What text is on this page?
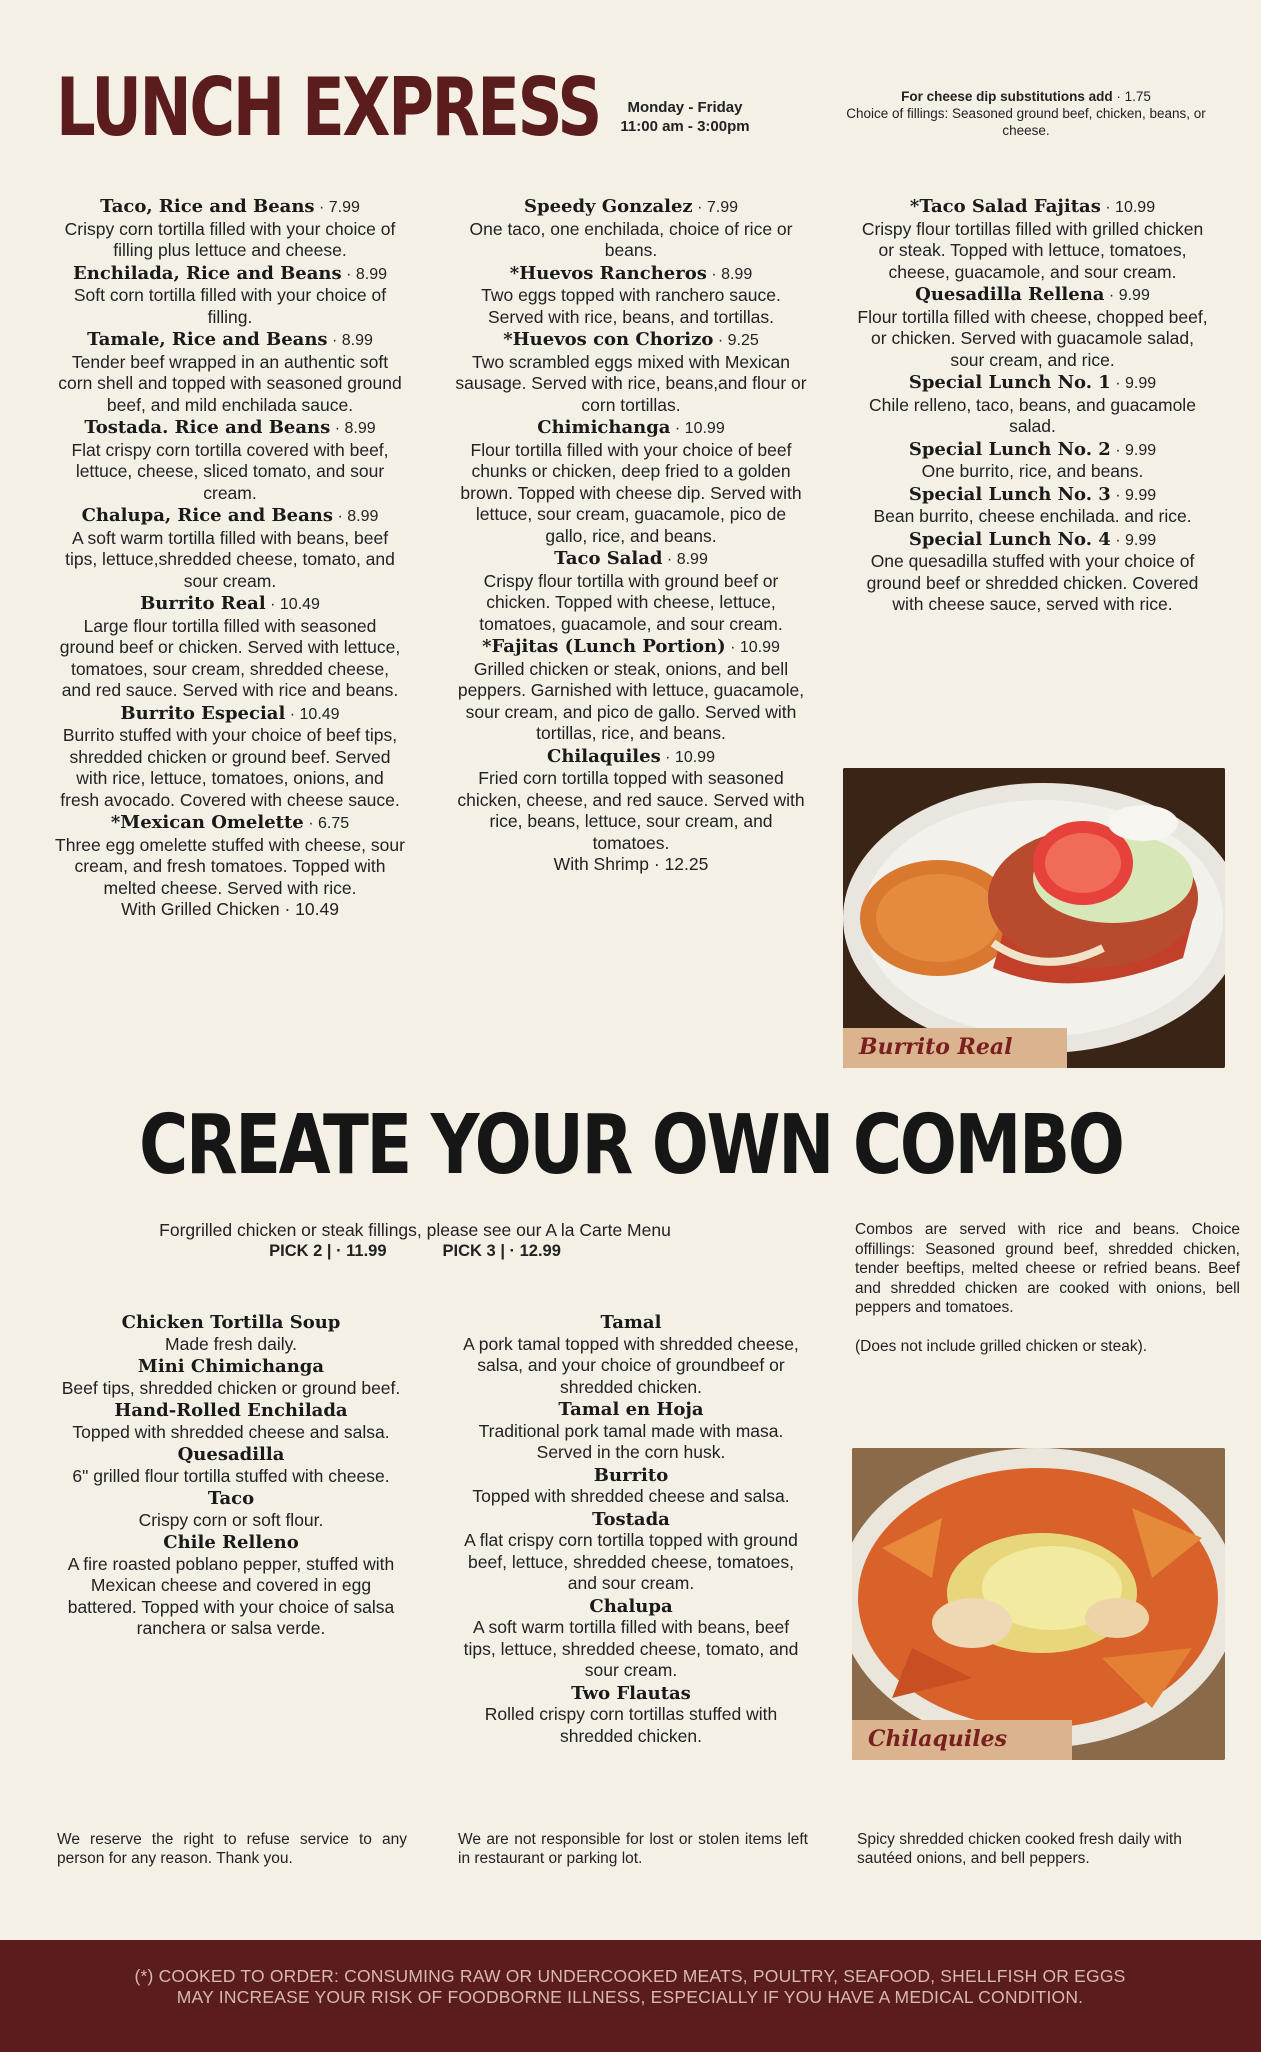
LUNCH EXPRESS	Monday - Friday
11:00 am - 3:00pm
For cheese dip substitutions add · 1.75
Choice of fillings: Seasoned ground beef, chicken, beans, or cheese.
Taco, Rice and Beans · 7.99
Crispy corn tortilla filled with your choice of filling plus lettuce and cheese.
Enchilada, Rice and Beans · 8.99
Soft corn tortilla filled with your choice of filling.
Tamale, Rice and Beans · 8.99
Tender beef wrapped in an authentic soft corn shell and topped with seasoned ground beef, and mild enchilada sauce.
Tostada. Rice and Beans · 8.99
Flat crispy corn tortilla covered with beef, lettuce, cheese, sliced tomato, and sour cream.
Chalupa, Rice and Beans · 8.99
A soft warm tortilla filled with beans, beef tips, lettuce,shredded cheese, tomato, and sour cream.
Burrito Real · 10.49
Large flour tortilla filled with seasoned ground beef or chicken. Served with lettuce, tomatoes, sour cream, shredded cheese, and red sauce. Served with rice and beans.
Burrito Especial · 10.49
Burrito stuffed with your choice of beef tips, shredded chicken or ground beef. Served with rice, lettuce, tomatoes, onions, and fresh avocado. Covered with cheese sauce.
*Mexican Omelette · 6.75
Three egg omelette stuffed with cheese, sour cream, and fresh tomatoes. Topped with melted cheese. Served with rice.
With Grilled Chicken · 10.49
Speedy Gonzalez · 7.99
One taco, one enchilada, choice of rice or beans.
*Huevos Rancheros · 8.99
Two eggs topped with ranchero sauce. Served with rice, beans, and tortillas.
*Huevos con Chorizo · 9.25
Two scrambled eggs mixed with Mexican sausage. Served with rice, beans,and flour or corn tortillas.
Chimichanga · 10.99
Flour tortilla filled with your choice of beef chunks or chicken, deep fried to a golden brown. Topped with cheese dip. Served with lettuce, sour cream, guacamole, pico de gallo, rice, and beans.
Taco Salad · 8.99
Crispy flour tortilla with ground beef or chicken. Topped with cheese, lettuce, tomatoes, guacamole, and sour cream.
*Fajitas (Lunch Portion) · 10.99
Grilled chicken or steak, onions, and bell peppers. Garnished with lettuce, guacamole, sour cream, and pico de gallo. Served with tortillas, rice, and beans.
Chilaquiles · 10.99
Fried corn tortilla topped with seasoned chicken, cheese, and red sauce. Served with rice, beans, lettuce, sour cream, and tomatoes.
With Shrimp · 12.25
*Taco Salad Fajitas · 10.99
Crispy flour tortillas filled with grilled chicken or steak. Topped with lettuce, tomatoes, cheese, guacamole, and sour cream.
Quesadilla Rellena · 9.99
Flour tortilla filled with cheese, chopped beef, or chicken. Served with guacamole salad, sour cream, and rice.
Special Lunch No. 1 · 9.99
Chile relleno, taco, beans, and guacamole salad.
Special Lunch No. 2 · 9.99
One burrito, rice, and beans.
Special Lunch No. 3 · 9.99
Bean burrito, cheese enchilada. and rice.
Special Lunch No. 4 · 9.99
One quesadilla stuffed with your choice of ground beef or shredded chicken. Covered with cheese sauce, served with rice.
Burrito Real
CREATE YOUR OWN COMBO
Forgrilled chicken or steak fillings, please see our A la Carte Menu
PICK 2 | · 11.99	PICK 3 | · 12.99

Combos are served with rice and beans. Choice offillings: Seasoned ground beef, shredded chicken, tender beeftips, melted cheese or refried beans. Beef and shredded chicken are cooked with onions, bell peppers and tomatoes.

(Does not include grilled chicken or steak).

Chicken Tortilla Soup
Made fresh daily.
Mini Chimichanga
Beef tips, shredded chicken or ground beef.
Hand-Rolled Enchilada
Topped with shredded cheese and salsa.
Quesadilla
6" grilled flour tortilla stuffed with cheese.
Taco
Crispy corn or soft flour.
Chile Relleno
A fire roasted poblano pepper, stuffed with Mexican cheese and covered in egg battered. Topped with your choice of salsa ranchera or salsa verde.
Tamal
A pork tamal topped with shredded cheese, salsa, and your choice of groundbeef or shredded chicken.
Tamal en Hoja
Traditional pork tamal made with masa. Served in the corn husk.
Burrito
Topped with shredded cheese and salsa.
Tostada
A flat crispy corn tortilla topped with ground beef, lettuce, shredded cheese, tomatoes, and sour cream.
Chalupa
A soft warm tortilla filled with beans, beef tips, lettuce, shredded cheese, tomato, and sour cream.
Two Flautas
Rolled crispy corn tortillas stuffed with shredded chicken.	Chilaquiles
We reserve the right to refuse service to any person for any reason. Thank you.
We are not responsible for lost or stolen items left in restaurant or parking lot.
Spicy shredded chicken cooked fresh daily with sautéed onions, and bell peppers.

(*) COOKED TO ORDER: CONSUMING RAW OR UNDERCOOKED MEATS, POULTRY, SEAFOOD, SHELLFISH OR EGGS
MAY INCREASE YOUR RISK OF FOODBORNE ILLNESS, ESPECIALLY IF YOU HAVE A MEDICAL CONDITION.
